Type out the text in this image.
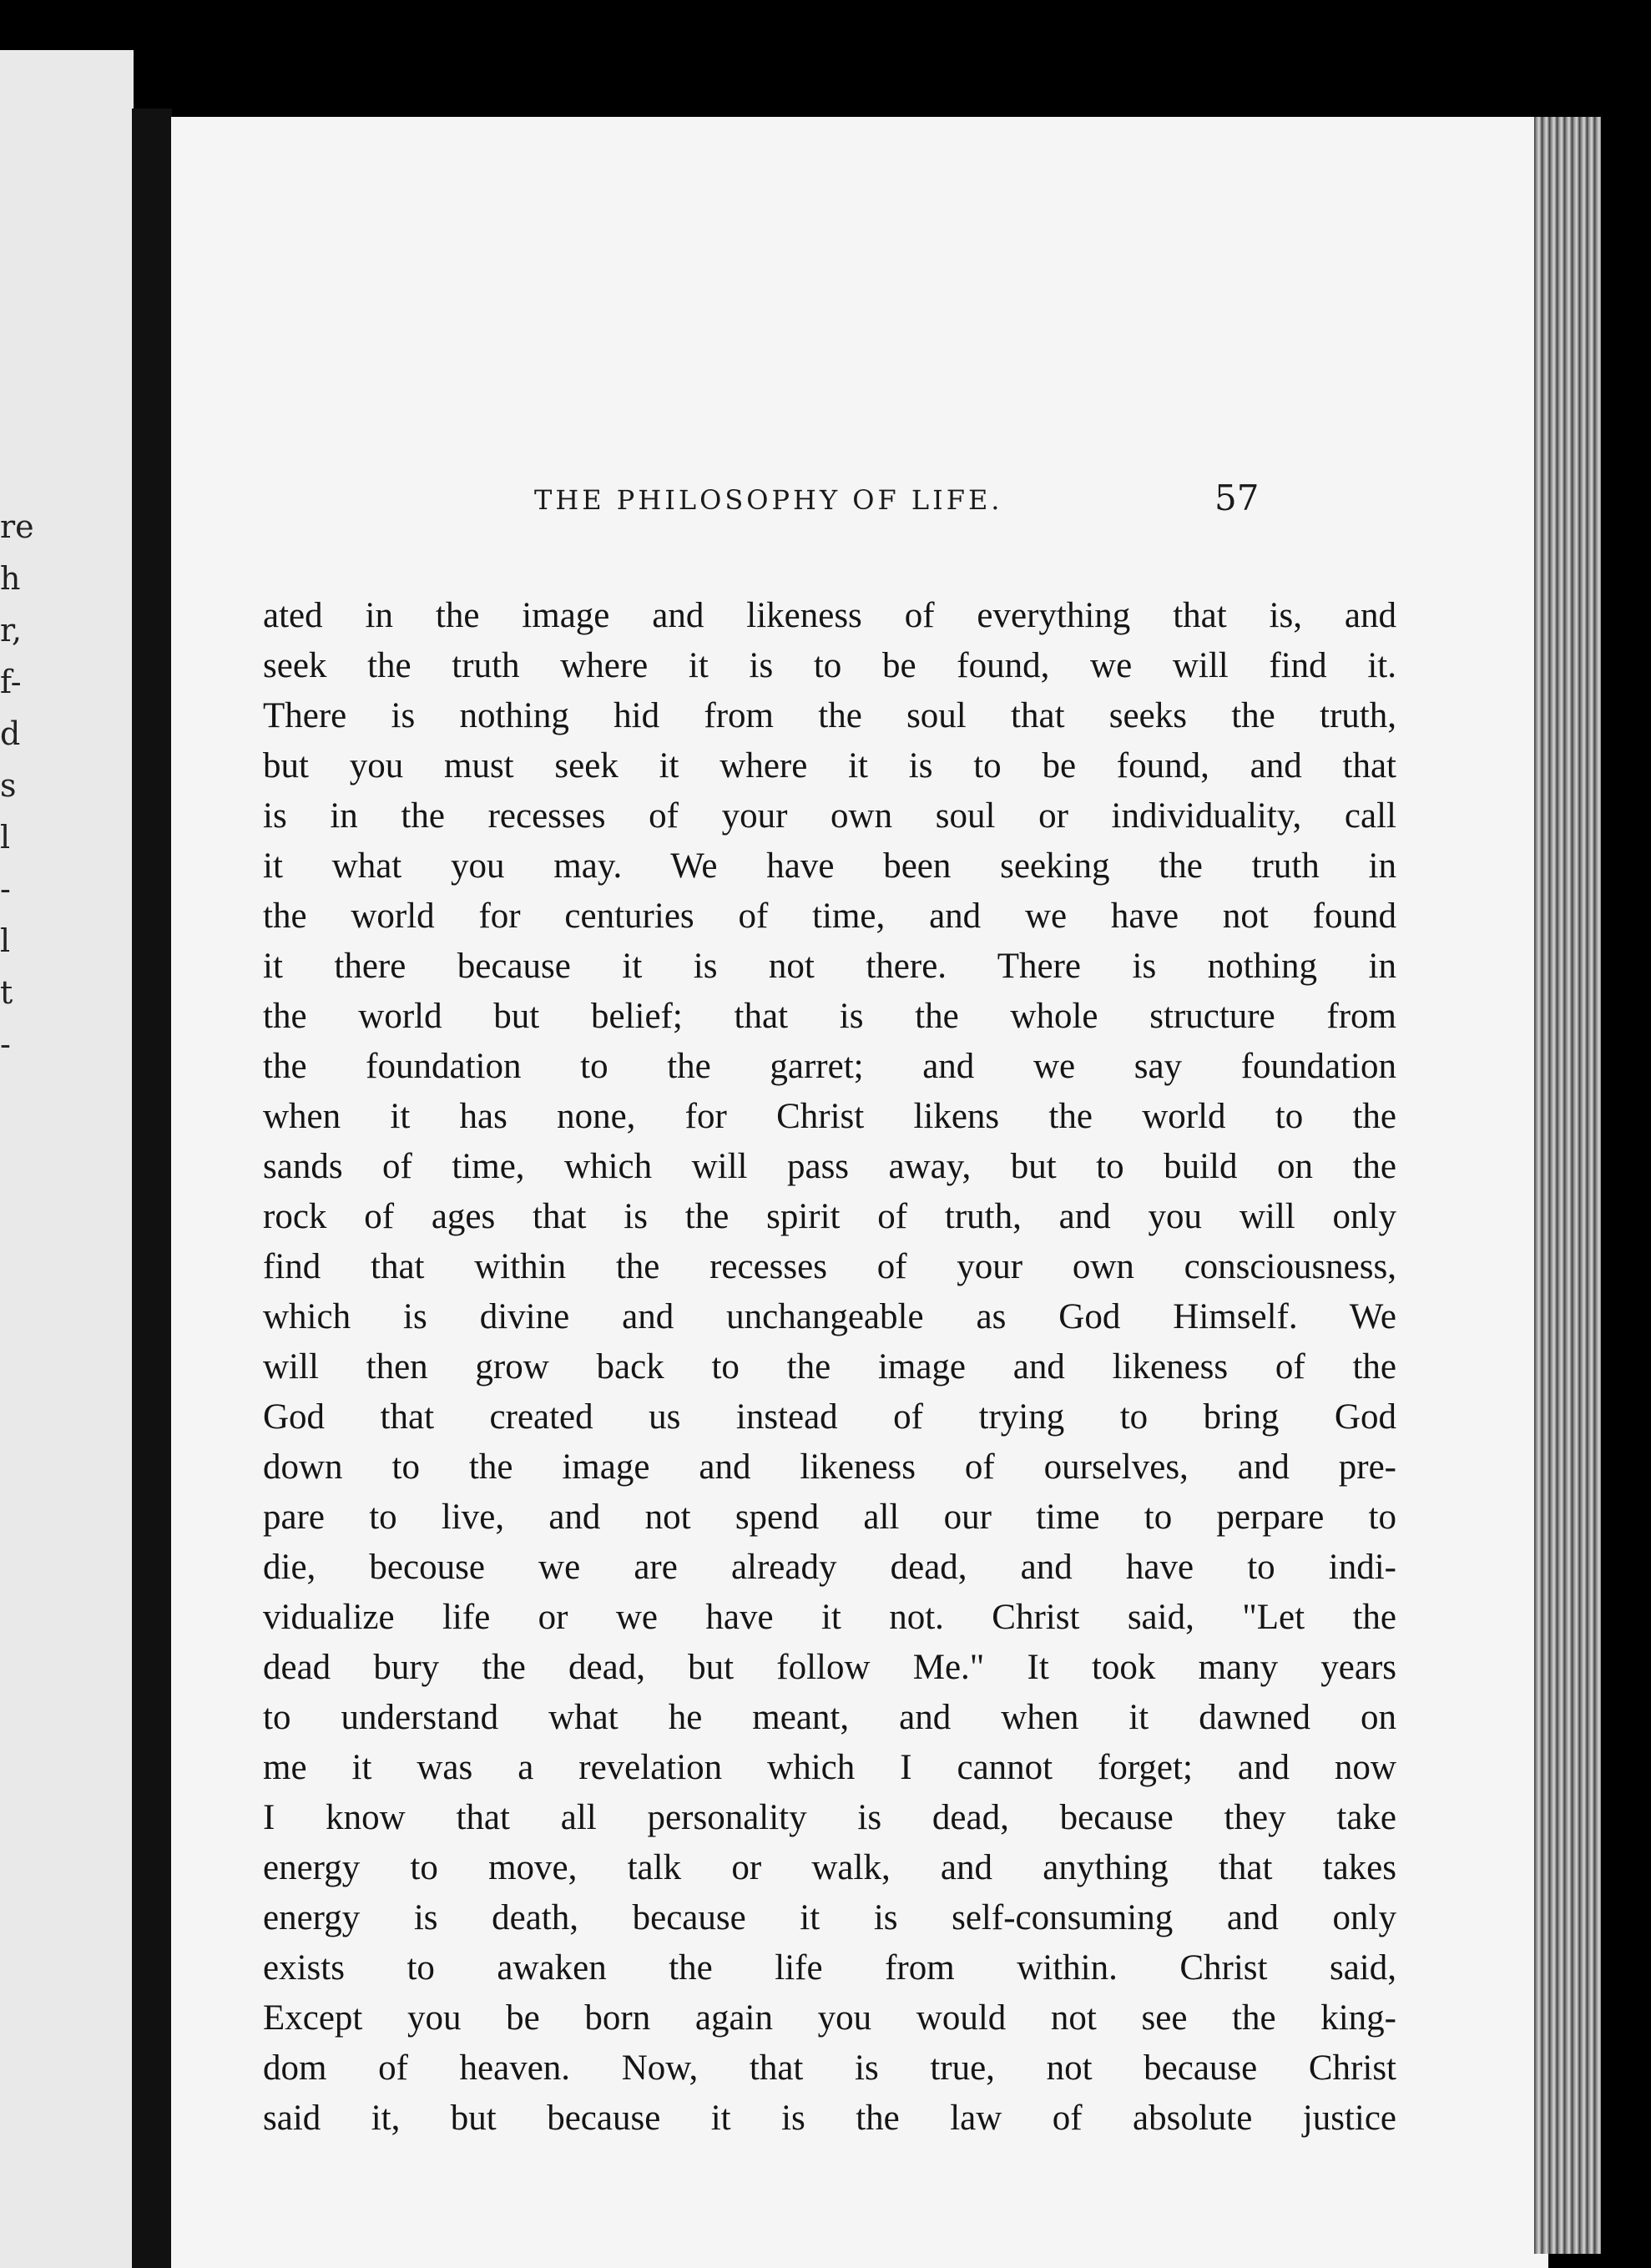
re
h
r,
f-
d
s
l
-
l
t
-
THE PHILOSOPHY OF LIFE.	57
ated in the image and likeness of everything that is, and
seek the truth where it is to be found, we will find it.
There is nothing hid from the soul that seeks the truth,
but you must seek it where it is to be found, and that
is in the recesses of your own soul or individuality, call
it what you may. We have been seeking the truth in
the world for centuries of time, and we have not found
it there because it is not there. There is nothing in
the world but belief; that is the whole structure from
the foundation to the garret; and we say foundation
when it has none, for Christ likens the world to the
sands of time, which will pass away, but to build on the
rock of ages that is the spirit of truth, and you will only
find that within the recesses of your own consciousness,
which is divine and unchangeable as God Himself. We
will then grow back to the image and likeness of the
God that created us instead of trying to bring God
down to the image and likeness of ourselves, and pre-
pare to live, and not spend all our time to perpare to
die, becouse we are already dead, and have to indi-
vidualize life or we have it not. Christ said, "Let the
dead bury the dead, but follow Me." It took many years
to understand what he meant, and when it dawned on
me it was a revelation which I cannot forget; and now
I know that all personality is dead, because they take
energy to move, talk or walk, and anything that takes
energy is death, because it is self-consuming and only
exists to awaken the life from within. Christ said,
Except you be born again you would not see the king-
dom of heaven. Now, that is true, not because Christ
said it, but because it is the law of absolute justice
